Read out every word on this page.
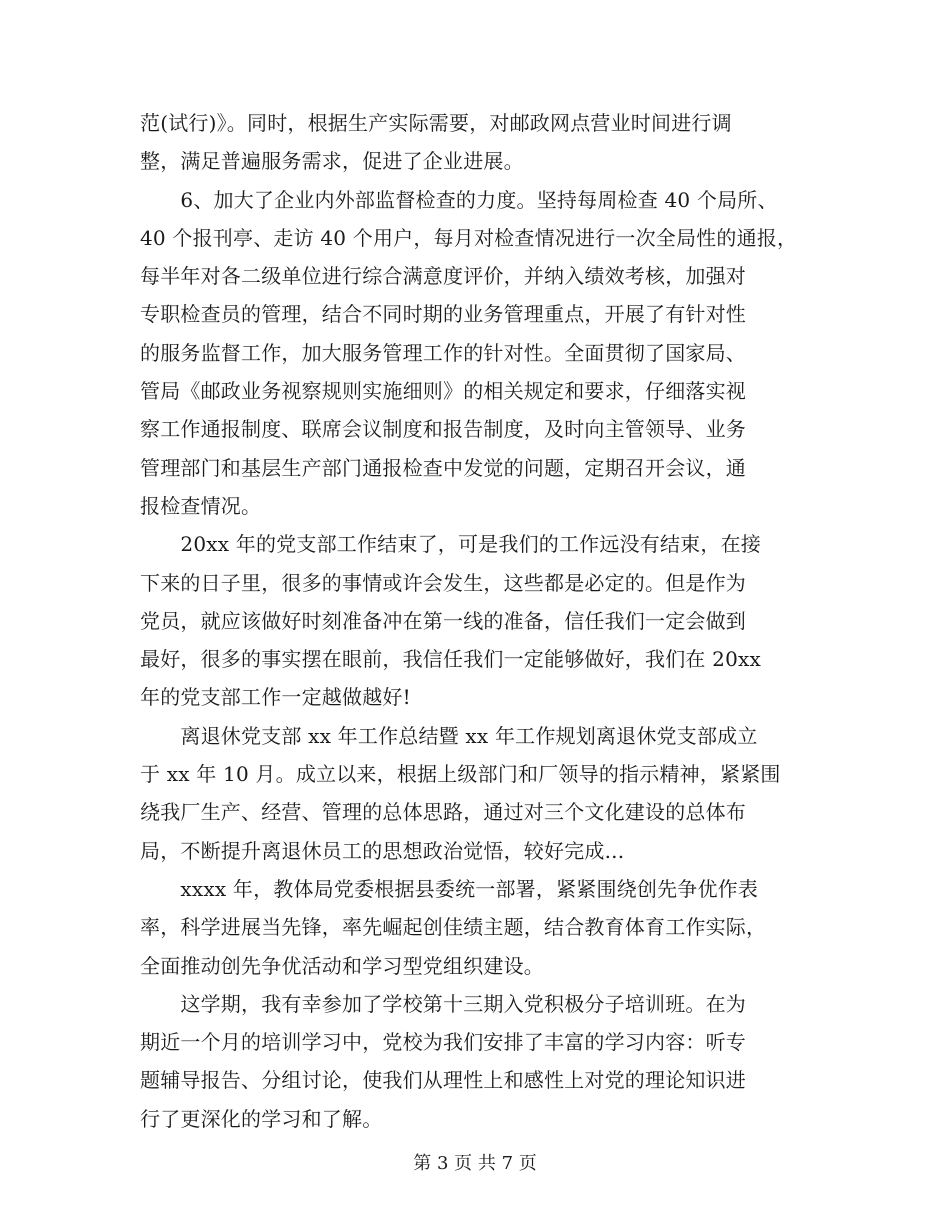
范(试行)》。同时，根据生产实际需要，对邮政网点营业时间进行调
整，满足普遍服务需求，促进了企业进展。
　　6、加大了企业内外部监督检查的力度。坚持每周检查 40 个局所、
40 个报刊亭、走访 40 个用户，每月对检查情况进行一次全局性的通报，
每半年对各二级单位进行综合满意度评价，并纳入绩效考核，加强对
专职检查员的管理，结合不同时期的业务管理重点，开展了有针对性
的服务监督工作，加大服务管理工作的针对性。全面贯彻了国家局、
管局《邮政业务视察规则实施细则》的相关规定和要求，仔细落实视
察工作通报制度、联席会议制度和报告制度，及时向主管领导、业务
管理部门和基层生产部门通报检查中发觉的问题，定期召开会议，通
报检查情况。
　　20xx 年的党支部工作结束了，可是我们的工作远没有结束，在接
下来的日子里，很多的事情或许会发生，这些都是必定的。但是作为
党员，就应该做好时刻准备冲在第一线的准备，信任我们一定会做到
最好，很多的事实摆在眼前，我信任我们一定能够做好，我们在 20xx
年的党支部工作一定越做越好!
　　离退休党支部 xx 年工作总结暨 xx 年工作规划离退休党支部成立
于 xx 年 10 月。成立以来，根据上级部门和厂领导的指示精神，紧紧围
绕我厂生产、经营、管理的总体思路，通过对三个文化建设的总体布
局，不断提升离退休员工的思想政治觉悟，较好完成...
　　xxxx 年，教体局党委根据县委统一部署，紧紧围绕创先争优作表
率，科学进展当先锋，率先崛起创佳绩主题，结合教育体育工作实际，
全面推动创先争优活动和学习型党组织建设。
　　这学期，我有幸参加了学校第十三期入党积极分子培训班。在为
期近一个月的培训学习中，党校为我们安排了丰富的学习内容：听专
题辅导报告、分组讨论，使我们从理性上和感性上对党的理论知识进
行了更深化的学习和了解。
第 3 页 共 7 页
